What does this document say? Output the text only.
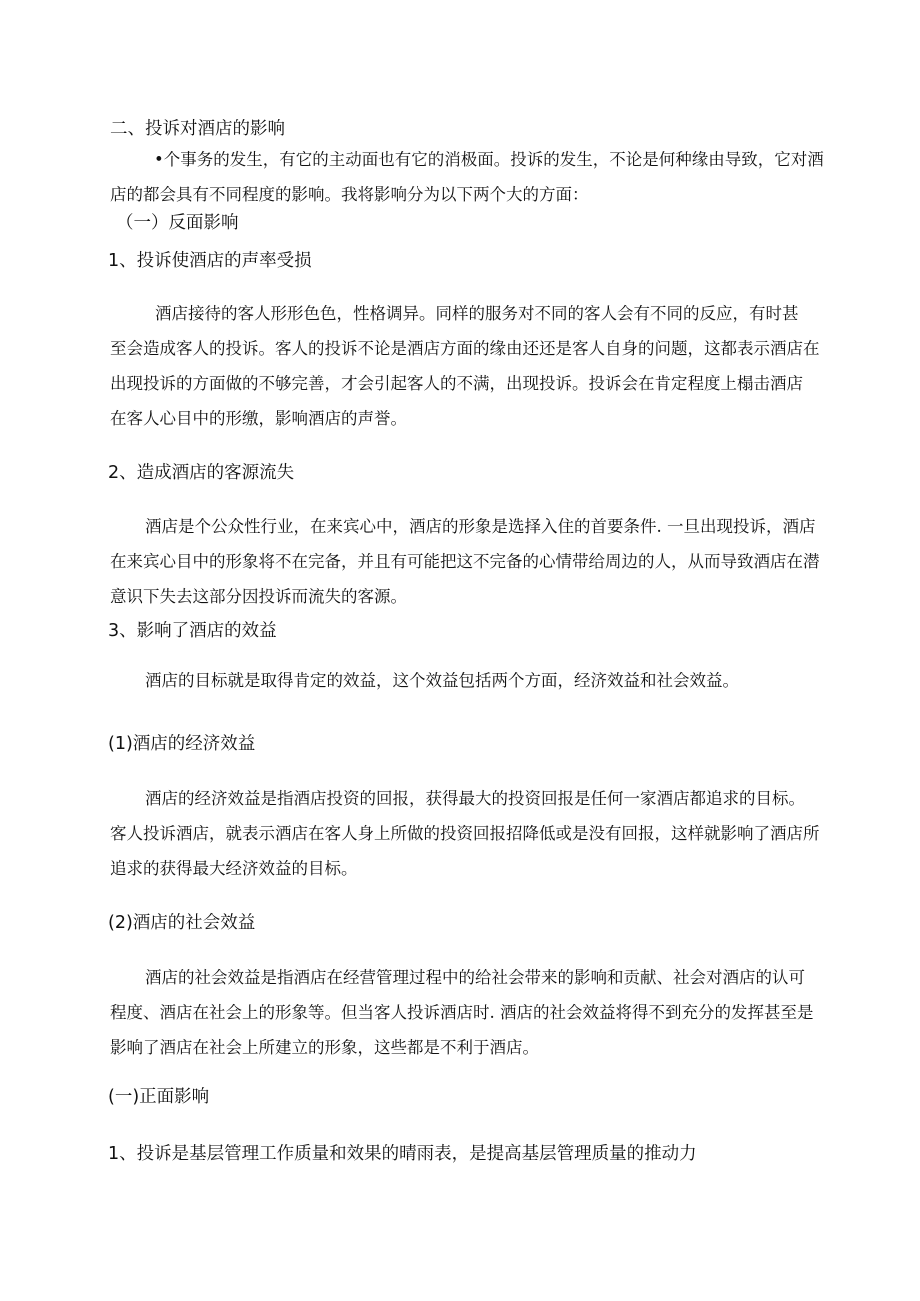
二、投诉对酒店的影响
•个事务的发生，有它的主动面也有它的消极面。投诉的发生，不论是何种缘由导致，它对酒
店的都会具有不同程度的影响。我将影响分为以下两个大的方面：
（一）反面影响
1、投诉使酒店的声率受损
酒店接待的客人形形色色，性格调异。同样的服务对不同的客人会有不同的反应，有时甚
至会造成客人的投诉。客人的投诉不论是酒店方面的缘由还还是客人自身的问题，这都表示酒店在
出现投诉的方面做的不够完善，才会引起客人的不满，出现投诉。投诉会在肯定程度上榻击酒店
在客人心目中的形缴，影响酒店的声誉。
2、造成酒店的客源流失
酒店是个公众性行业，在来宾心中，酒店的形象是选择入住的首要条件. 一旦出现投诉，酒店
在来宾心目中的形象将不在完备，并且有可能把这不完备的心情带给周边的人，从而导致酒店在潜
意识下失去这部分因投诉而流失的客源。
3、影响了酒店的效益
酒店的目标就是取得肯定的效益，这个效益包括两个方面，经济效益和社会效益。
(1)酒店的经济效益
酒店的经济效益是指酒店投资的回报，获得最大的投资回报是任何一家酒店都追求的目标。
客人投诉酒店，就表示酒店在客人身上所做的投资回报招降低或是没有回报，这样就影响了酒店所
追求的获得最大经济效益的目标。
(2)酒店的社会效益
酒店的社会效益是指酒店在经营管理过程中的给社会带来的影响和贡献、社会对酒店的认可
程度、酒店在社会上的形象等。但当客人投诉酒店时. 酒店的社会效益将得不到充分的发挥甚至是
影响了酒店在社会上所建立的形象，这些都是不利于酒店。
(一)正面影响
1、投诉是基层管理工作质量和效果的晴雨表，是提高基层管理质量的推动力
